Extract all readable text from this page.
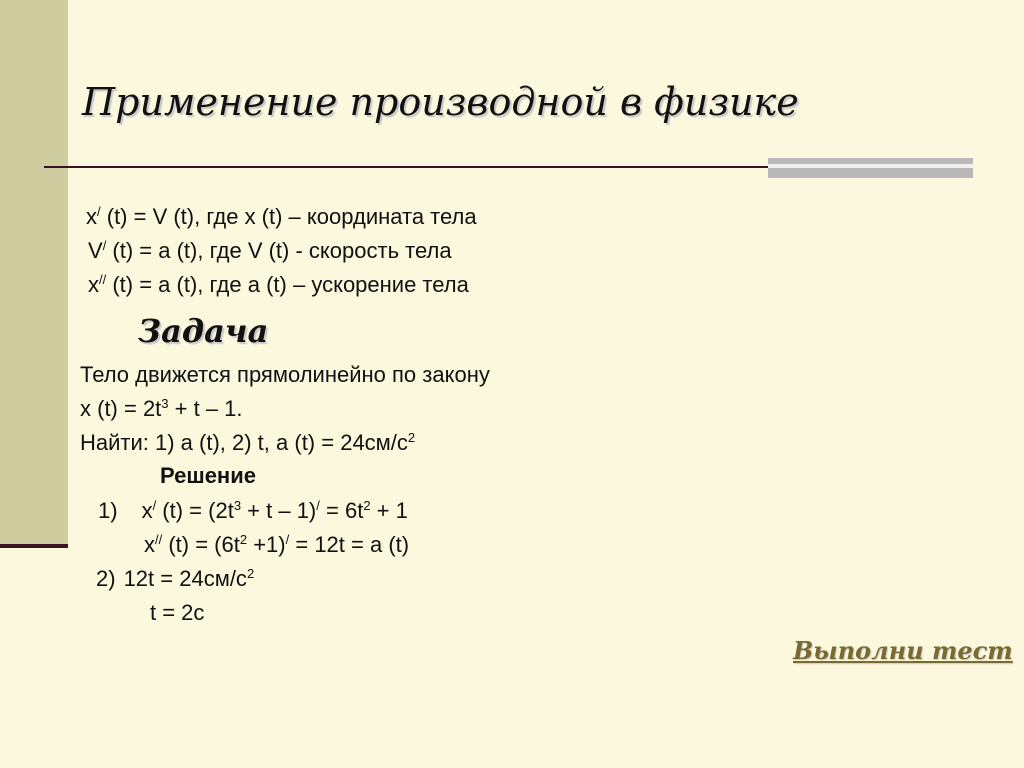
Применение производной в физике
x/ (t) = V (t), где x (t) – координата тела
V/ (t) = a (t), где V (t) - скорость тела
x// (t) = a (t), где a (t) – ускорение тела
Задача
Тело движется прямолинейно по закону
x $(t) = 2t^3 + t - 1$.
Найти: 1) a (t), 2) t, a $(t) = 24см/с^2$
Решение
1) x/ $(t) = (2t^3 + t - 1)^/ = 6t^2 + 1$
x// $(t) = (6t^2 +1)^/ = 12t = a$ (t)
2) $12t = 24см/с^2$
t = 2c
Выполни тест
